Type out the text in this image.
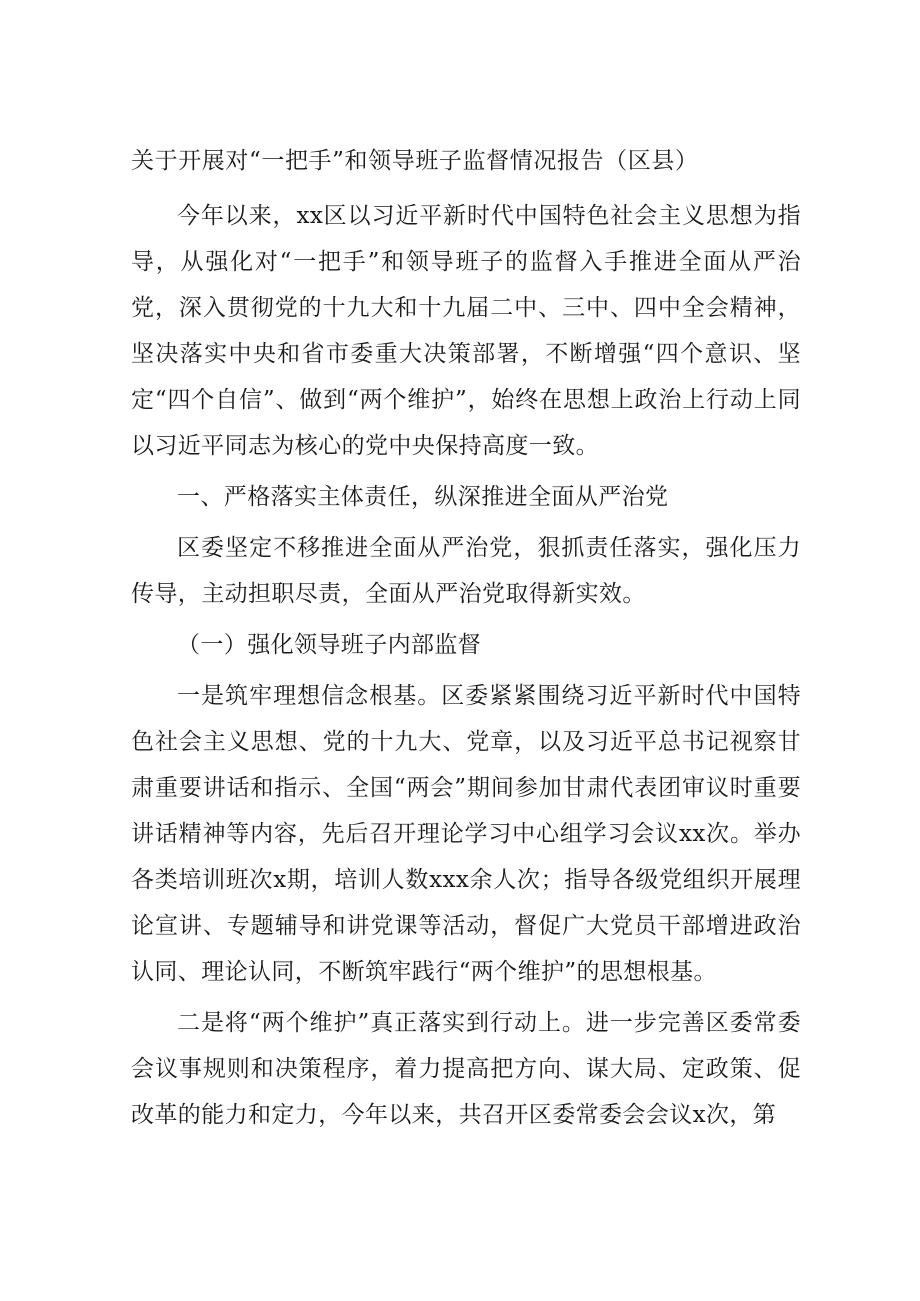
关于开展对“一把手”和领导班子监督情况报告（区县）

今年以来，xx区以习近平新时代中国特色社会主义思想为指导，从强化对“一把手”和领导班子的监督入手推进全面从严治党，深入贯彻党的十九大和十九届二中、三中、四中全会精神，坚决落实中央和省市委重大决策部署，不断增强“四个意识、坚定“四个自信”、做到“两个维护”，始终在思想上政治上行动上同以习近平同志为核心的党中央保持高度一致。

一、严格落实主体责任，纵深推进全面从严治党

区委坚定不移推进全面从严治党，狠抓责任落实，强化压力传导，主动担职尽责，全面从严治党取得新实效。

（一）强化领导班子内部监督

一是筑牢理想信念根基。区委紧紧围绕习近平新时代中国特色社会主义思想、党的十九大、党章，以及习近平总书记视察甘肃重要讲话和指示、全国“两会”期间参加甘肃代表团审议时重要讲话精神等内容，先后召开理论学习中心组学习会议xx次。举办各类培训班次x期，培训人数xxx余人次；指导各级党组织开展理论宣讲、专题辅导和讲党课等活动，督促广大党员干部增进政治认同、理论认同，不断筑牢践行“两个维护”的思想根基。

二是将“两个维护”真正落实到行动上。进一步完善区委常委会议事规则和决策程序，着力提高把方向、谋大局、定政策、促改革的能力和定力，今年以来，共召开区委常委会会议x次，第
